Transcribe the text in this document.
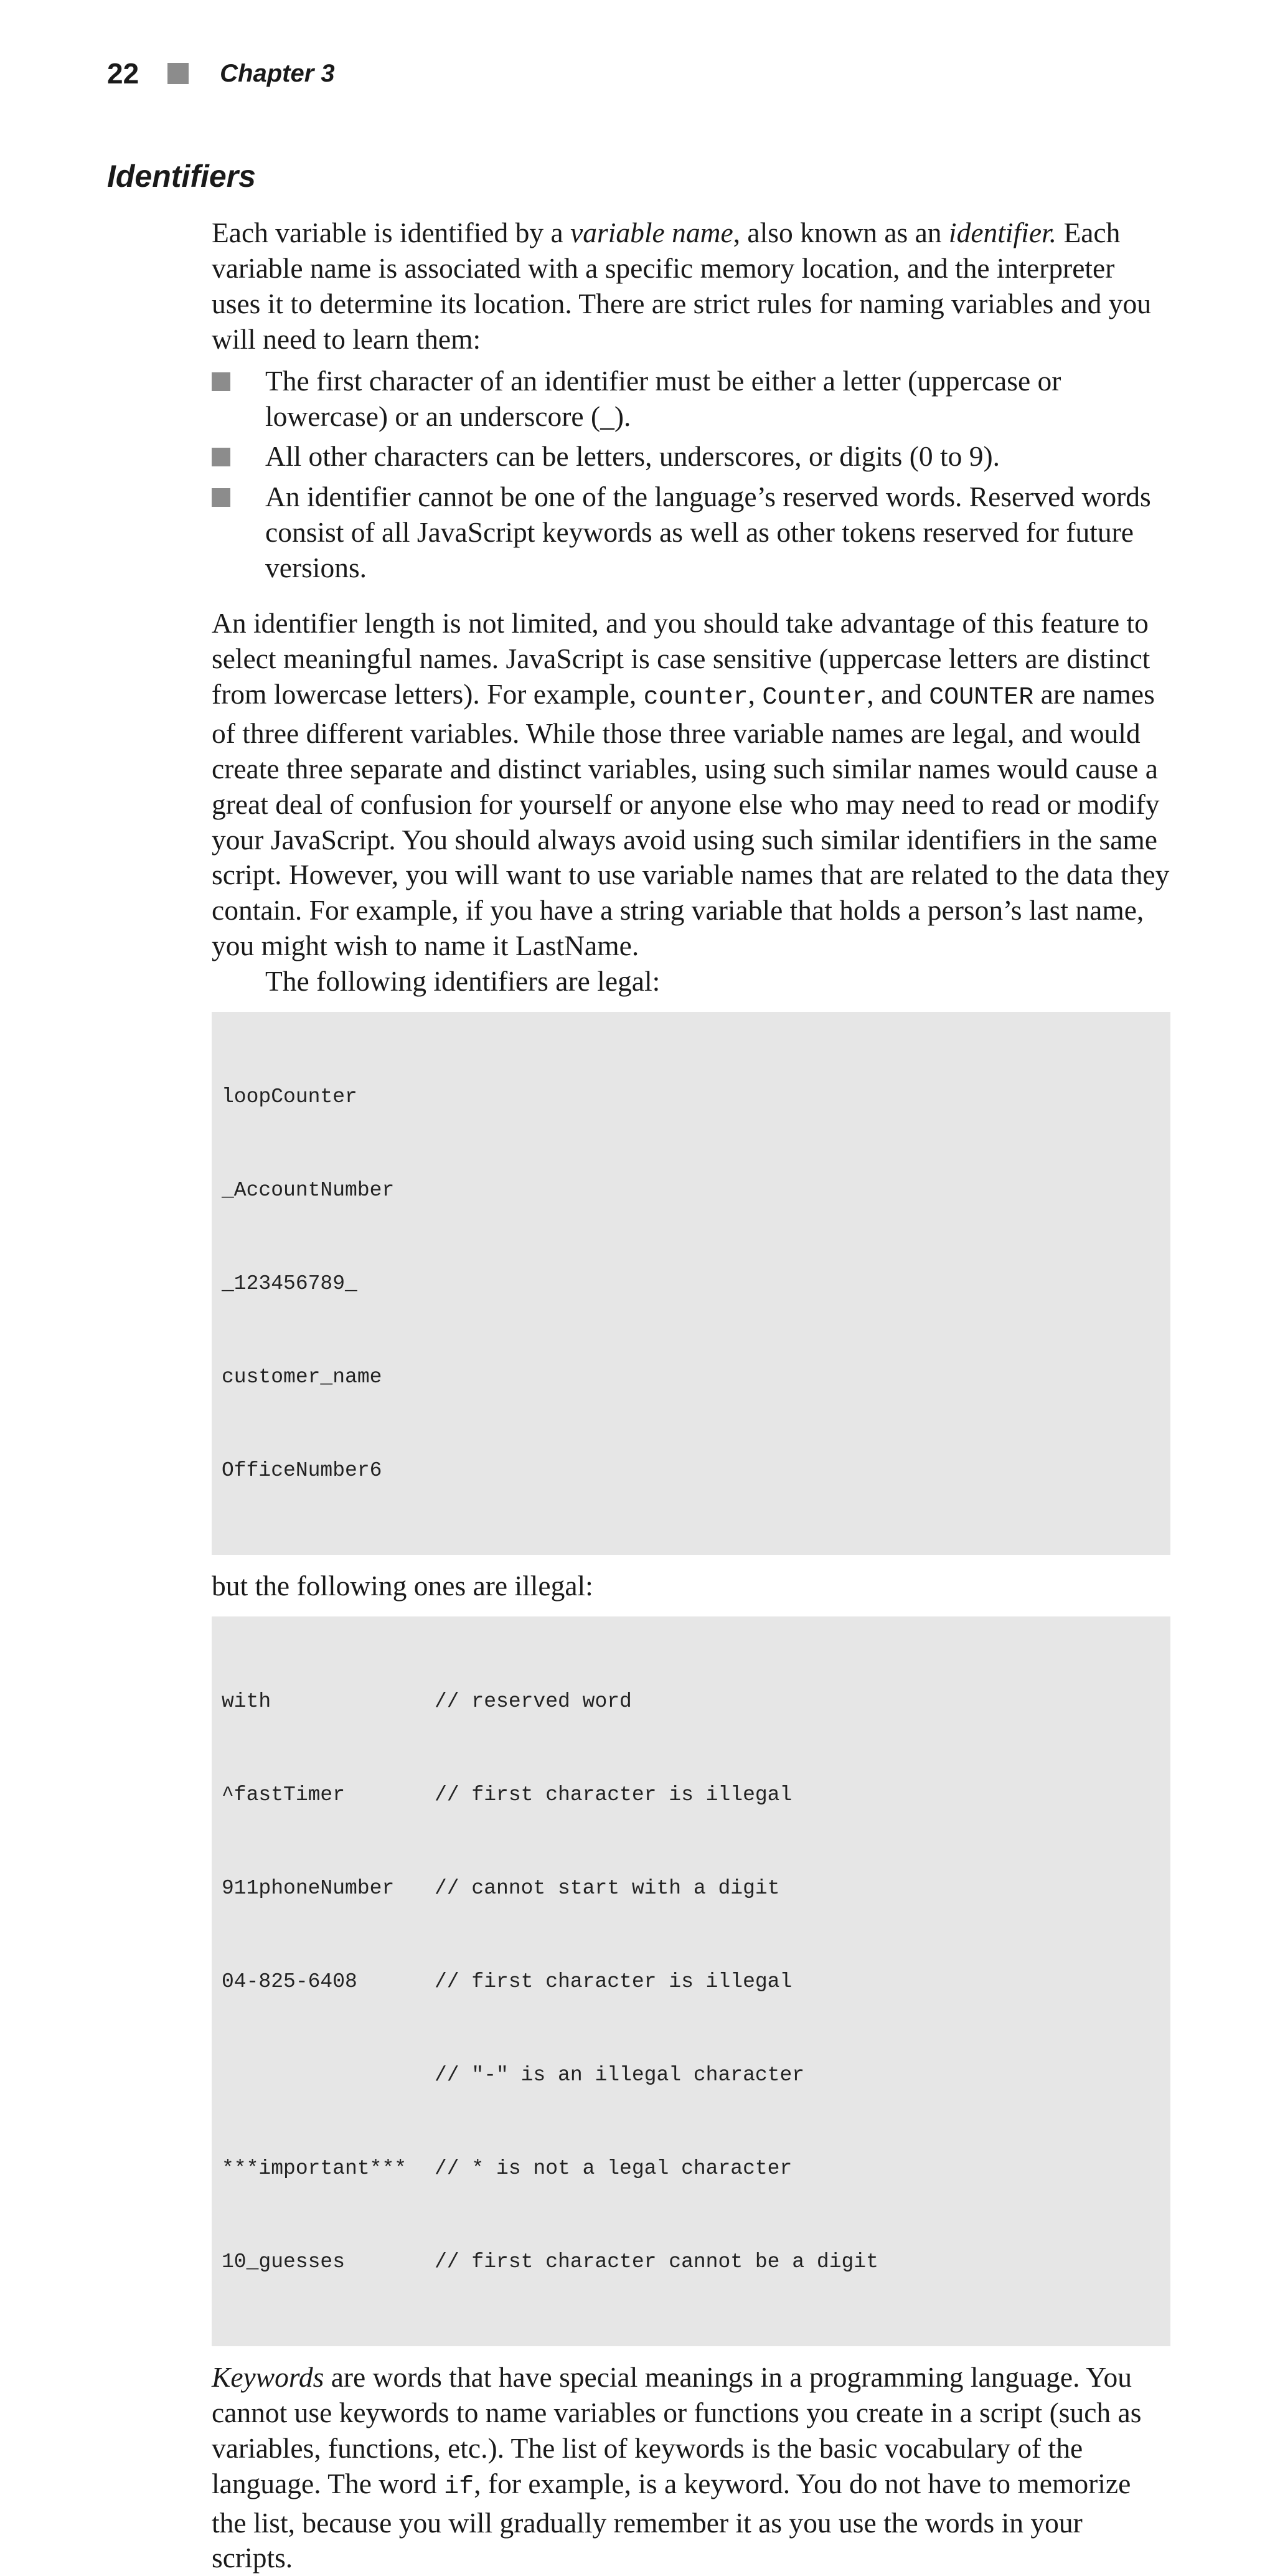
22	Chapter 3
Identifiers

Each variable is identified by a variable name, also known as an identifier. Each variable name is associated with a specific memory location, and the interpreter uses it to determine its location. There are strict rules for naming variables and you will need to learn them:

The first character of an identifier must be either a letter (uppercase or lowercase) or an underscore (_).
All other characters can be letters, underscores, or digits (0 to 9).
An identifier cannot be one of the language’s reserved words. Reserved words consist of all JavaScript keywords as well as other tokens reserved for future versions.

An identifier length is not limited, and you should take advantage of this feature to select meaningful names. JavaScript is case sensitive (uppercase letters are distinct from lowercase letters). For example, counter, Counter, and COUNTER are names of three different variables. While those three variable names are legal, and would create three separate and distinct variables, using such similar names would cause a great deal of confusion for yourself or anyone else who may need to read or modify your JavaScript. You should always avoid using such similar identifiers in the same script. However, you will want to use variable names that are related to the data they contain. For example, if you have a string variable that holds a person’s last name, you might wish to name it LastName.

The following identifiers are legal:

loopCounter

_AccountNumber

_123456789_

customer_name

OfficeNumber6

but the following ones are illegal:

with	// reserved word

^fastTimer	// first character is illegal

911phoneNumber // cannot start with a digit

04-825-6408	// first character is illegal

// "-" is an illegal character

***important*** // * is not a legal character

10_guesses	// first character cannot be a digit

Keywords are words that have special meanings in a programming language. You cannot use keywords to name variables or functions you create in a script (such as variables, functions, etc.). The list of keywords is the basic vocabulary of the language. The word if, for example, is a keyword. You do not have to memorize the list, because you will gradually remember it as you use the words in your scripts.
